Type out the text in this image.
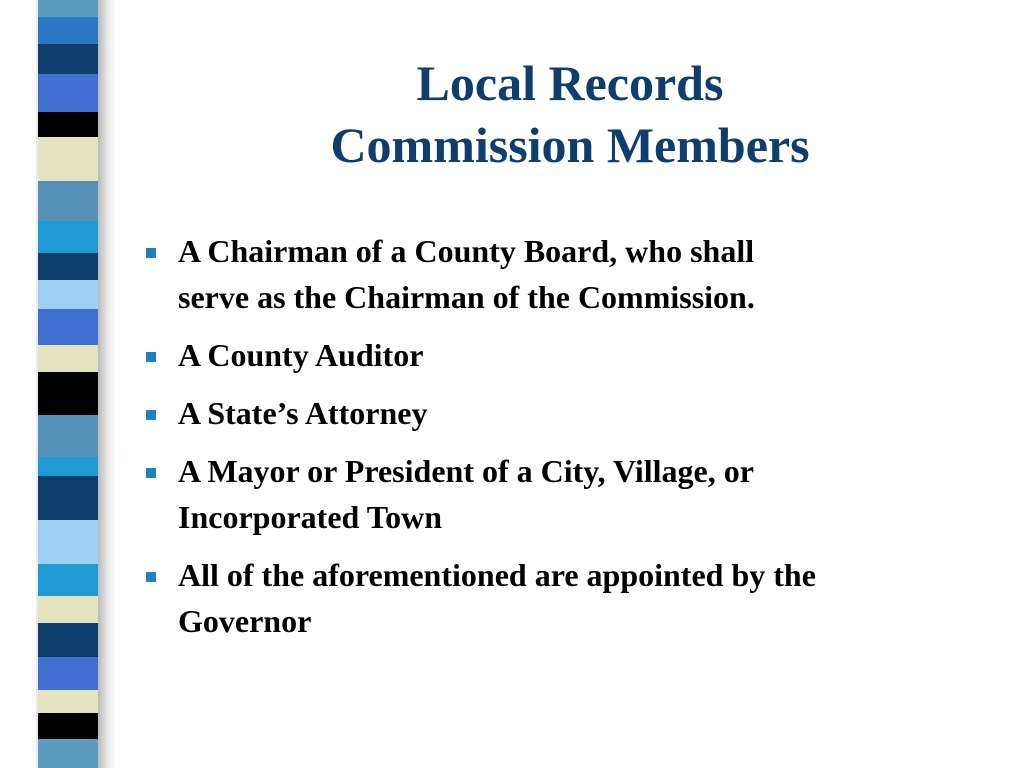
Local Records
Commission Members
A Chairman of a County Board, who shall
serve as the Chairman of the Commission.
A County Auditor
A State’s Attorney
A Mayor or President of a City, Village, or
Incorporated Town
All of the aforementioned are appointed by the
Governor
